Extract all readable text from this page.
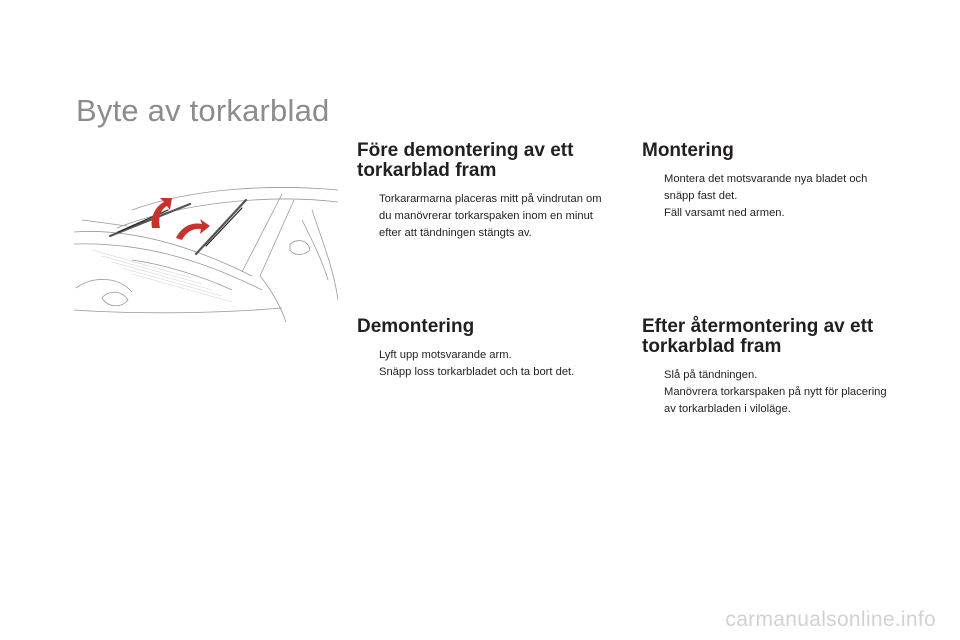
Byte av torkarblad
Före demontering av ett
torkarblad fram
Torkararmarna placeras mitt på vindrutan om du manövrerar torkarspaken inom en minut efter att tändningen stängts av.
Demontering
Lyft upp motsvarande arm.
Snäpp loss torkarbladet och ta bort det.
Montering
Montera det motsvarande nya bladet och snäpp fast det.
Fäll varsamt ned armen.
Efter återmontering av ett
torkarblad fram
Slå på tändningen.
Manövrera torkarspaken på nytt för placering av torkarbladen i viloläge.
carmanualsonline.info
